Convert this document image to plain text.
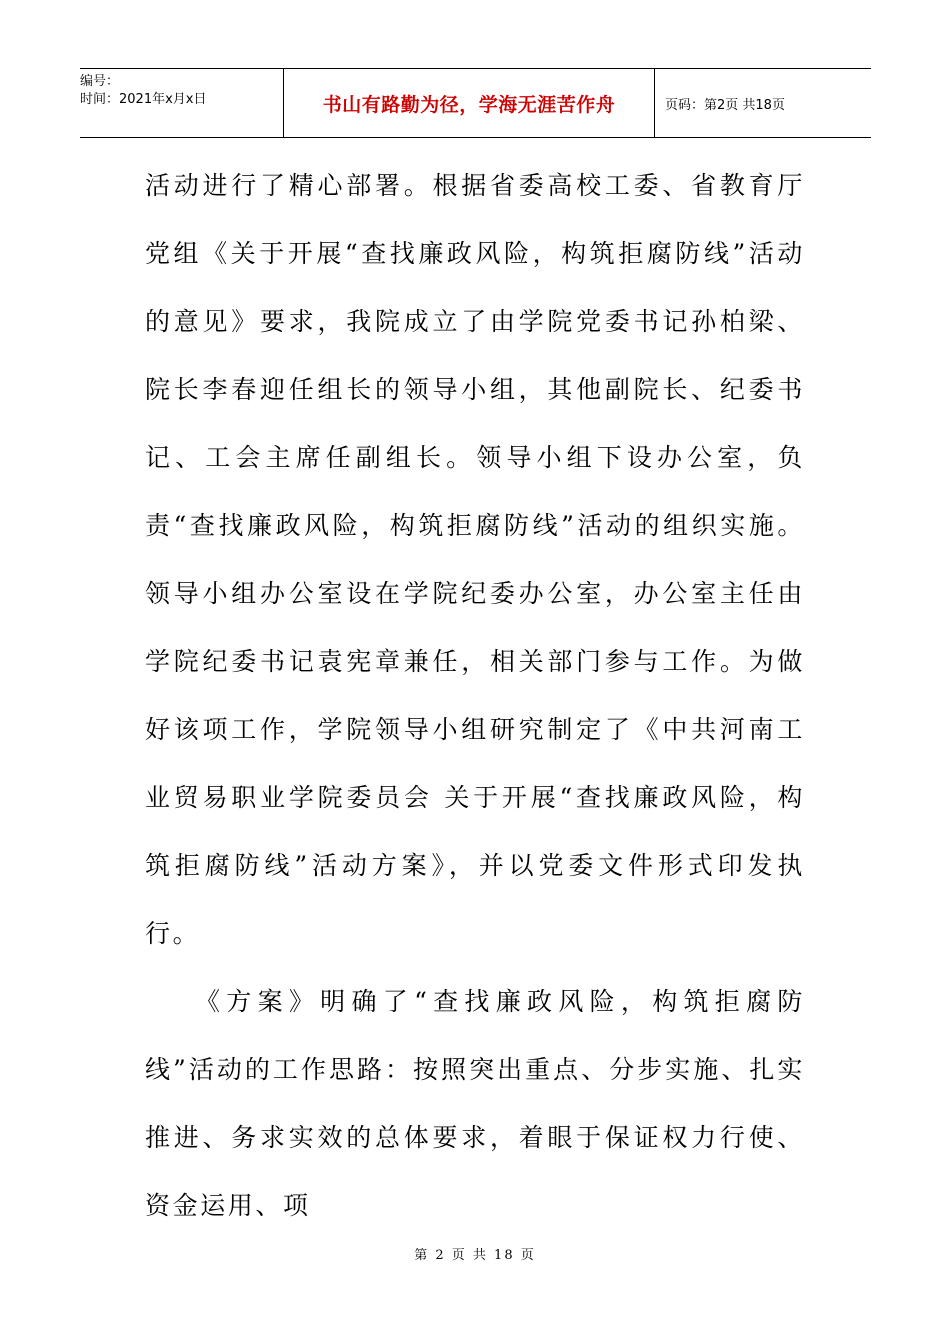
编号：
时间：2021年x月x日	书山有路勤为径，学海无涯苦作舟	页码：第2页 共18页

活动进行了精心部署。根据省委高校工委、省教育厅党组《关于开展“查找廉政风险，构筑拒腐防线”活动的意见》要求，我院成立了由学院党委书记孙柏梁、院长李春迎任组长的领导小组，其他副院长、纪委书记、工会主席任副组长。领导小组下设办公室，负责“查找廉政风险，构筑拒腐防线”活动的组织实施。领导小组办公室设在学院纪委办公室，办公室主任由学院纪委书记袁宪章兼任，相关部门参与工作。为做好该项工作，学院领导小组研究制定了《中共河南工业贸易职业学院委员会 关于开展“查找廉政风险，构筑拒腐防线”活动方案》，并以党委文件形式印发执行。

《方案》明确了“查找廉政风险，构筑拒腐防线”活动的工作思路：按照突出重点、分步实施、扎实推进、务求实效的总体要求，着眼于保证权力行使、资金运用、项

第 2 页 共 18 页
